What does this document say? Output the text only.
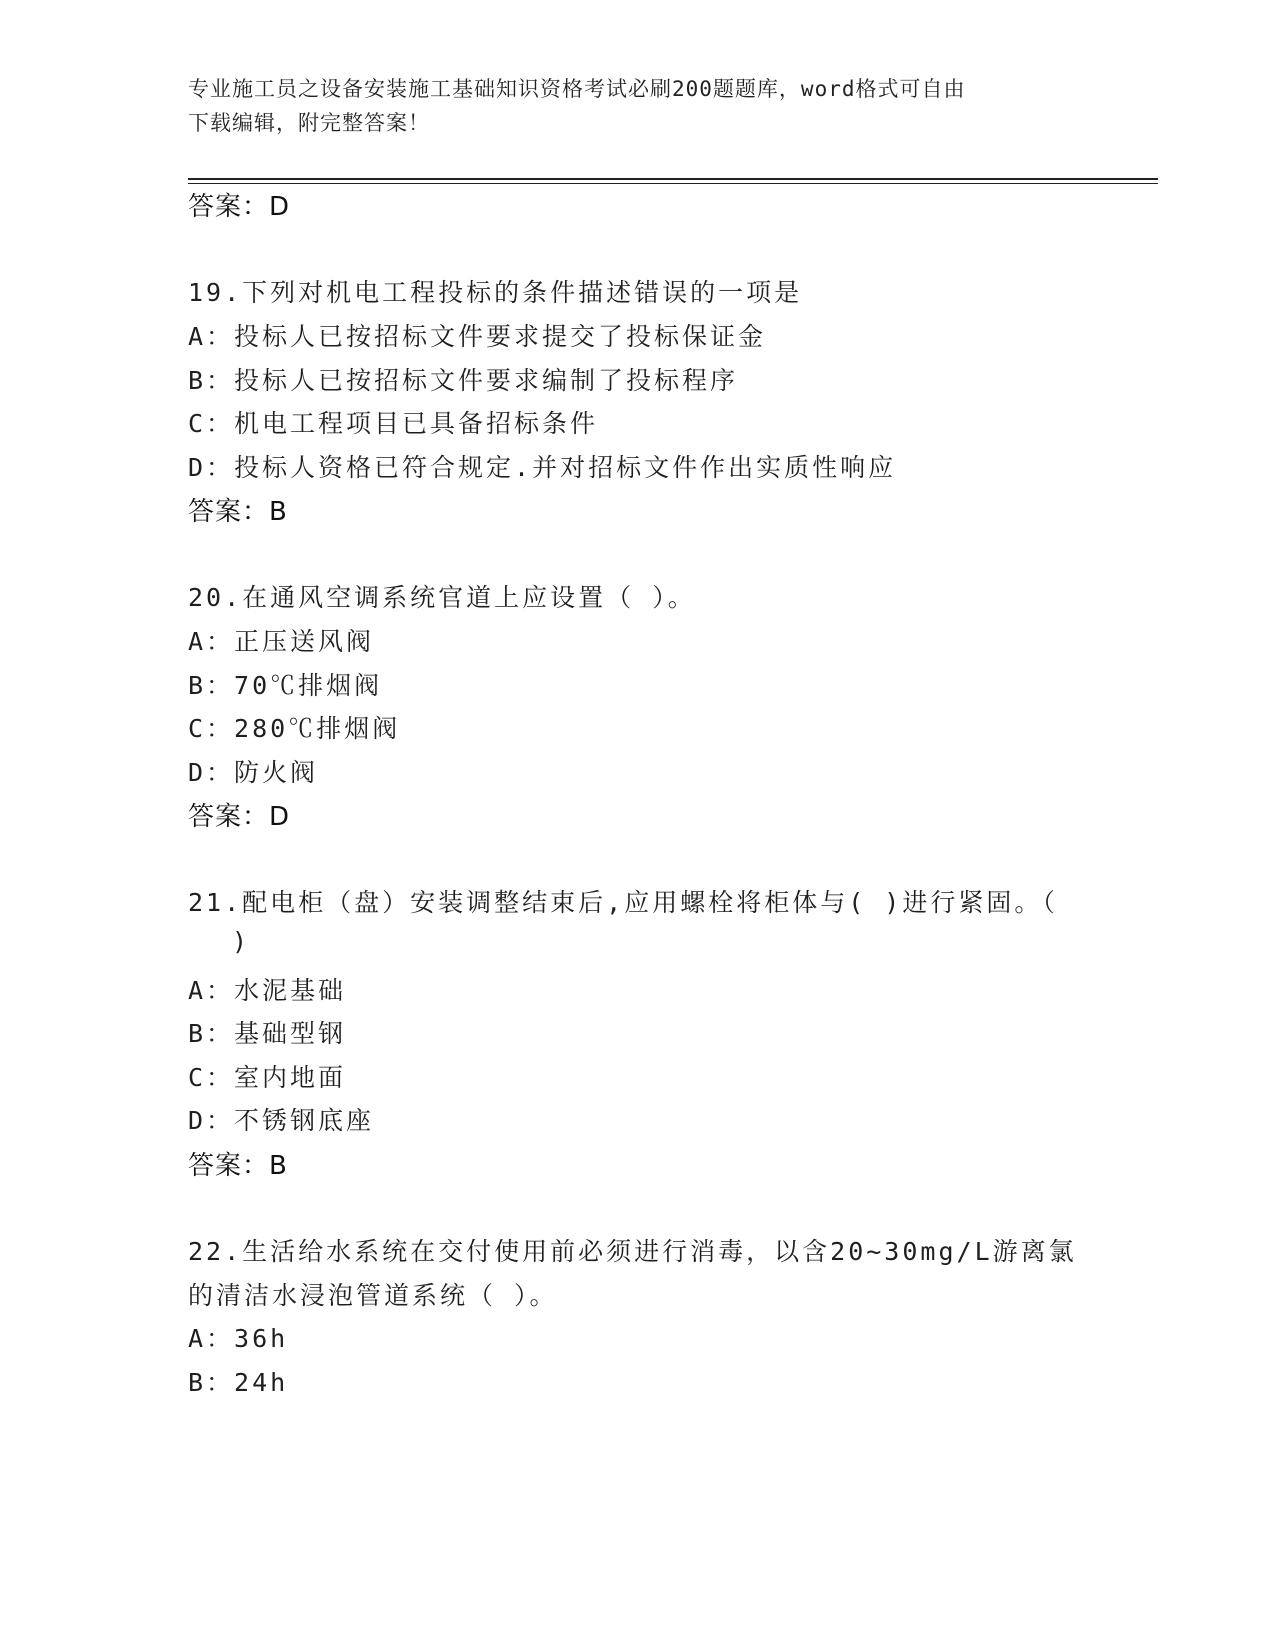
专业施工员之设备安装施工基础知识资格考试必刷200题题库，word格式可自由
下载编辑，附完整答案！
答案：D
19.下列对机电工程投标的条件描述错误的一项是
A：投标人已按招标文件要求提交了投标保证金
B：投标人已按招标文件要求编制了投标程序
C：机电工程项目已具备招标条件
D：投标人资格已符合规定.并对招标文件作出实质性响应
答案：B
20.在通风空调系统官道上应设置（ ）。
A：正压送风阀
B：70℃排烟阀
C：280℃排烟阀
D：防火阀
答案：D
21.配电柜（盘）安装调整结束后,应用螺栓将柜体与( )进行紧固。（
)
A：水泥基础
B：基础型钢
C：室内地面
D：不锈钢底座
答案：B
22.生活给水系统在交付使用前必须进行消毒，以含20~30mg/L游离氯
的清洁水浸泡管道系统（ ）。
A：36h
B：24h
